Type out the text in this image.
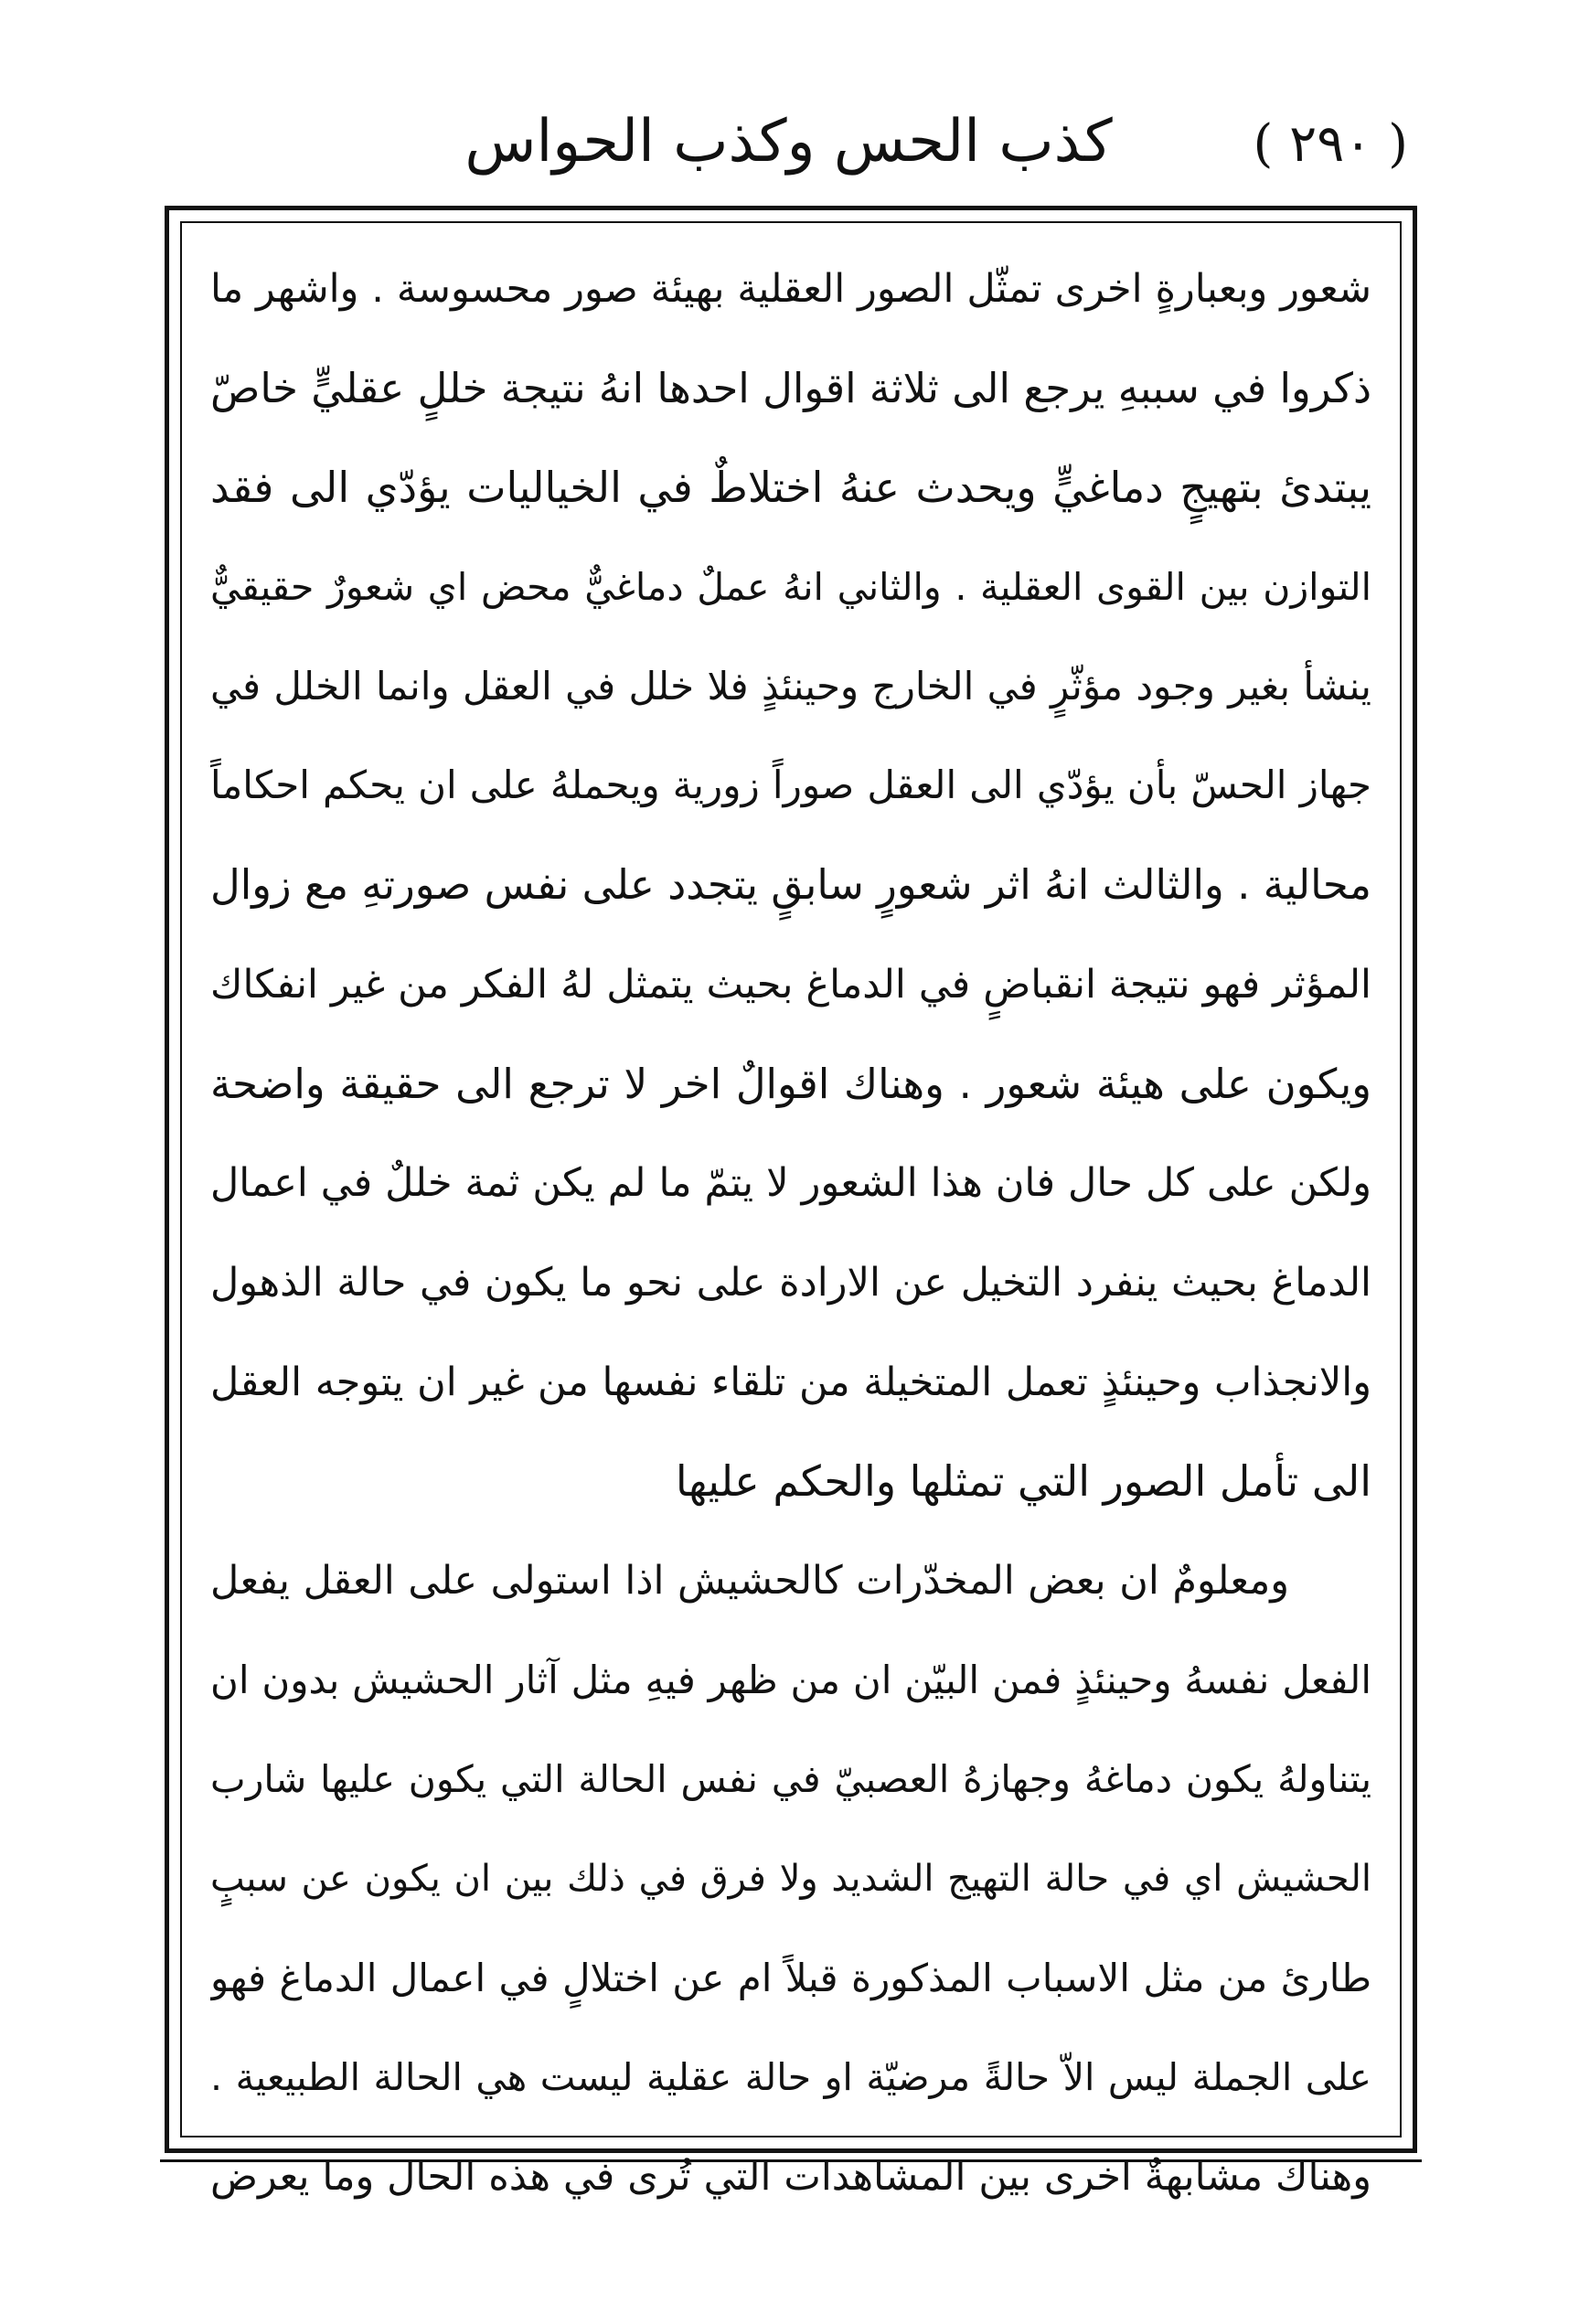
( ٢٩٠ )
كذب الحس وكذب الحواس
شعور وبعبارةٍ اخرى تمثّل الصور العقلية بهيئة صور محسوسة . واشهر ما
ذكروا في سببهِ يرجع الى ثلاثة اقوال احدها انهُ نتيجة خللٍ عقليٍّ خاصّ
يبتدئ بتهيجٍ دماغيٍّ ويحدث عنهُ اختلاطٌ في الخياليات يؤدّي الى فقد
التوازن بين القوى العقلية . والثاني انهُ عملٌ دماغيٌّ محض اي شعورٌ حقيقيٌّ
ينشأ بغير وجود مؤثّرٍ في الخارج وحينئذٍ فلا خلل في العقل وانما الخلل في
جهاز الحسّ بأن يؤدّي الى العقل صوراً زورية ويحملهُ على ان يحكم احكاماً
محالية . والثالث انهُ اثر شعورٍ سابقٍ يتجدد على نفس صورتهِ مع زوال
المؤثر فهو نتيجة انقباضٍ في الدماغ بحيث يتمثل لهُ الفكر من غير انفكاك
ويكون على هيئة شعور . وهناك اقوالٌ اخر لا ترجع الى حقيقة واضحة
ولكن على كل حال فان هذا الشعور لا يتمّ ما لم يكن ثمة خللٌ في اعمال
الدماغ بحيث ينفرد التخيل عن الارادة على نحو ما يكون في حالة الذهول
والانجذاب وحينئذٍ تعمل المتخيلة من تلقاء نفسها من غير ان يتوجه العقل
الى تأمل الصور التي تمثلها والحكم عليها
ومعلومٌ ان بعض المخدّرات كالحشيش اذا استولى على العقل يفعل
الفعل نفسهُ وحينئذٍ فمن البيّن ان من ظهر فيهِ مثل آثار الحشيش بدون ان
يتناولهُ يكون دماغهُ وجهازهُ العصبيّ في نفس الحالة التي يكون عليها شارب
الحشيش اي في حالة التهيج الشديد ولا فرق في ذلك بين ان يكون عن سببٍ
طارئ من مثل الاسباب المذكورة قبلاً ام عن اختلالٍ في اعمال الدماغ فهو
على الجملة ليس الاّ حالةً مرضيّة او حالة عقلية ليست هي الحالة الطبيعية .
وهناك مشابهةٌ اخرى بين المشاهدات التي تُرى في هذه الحال وما يعرض
